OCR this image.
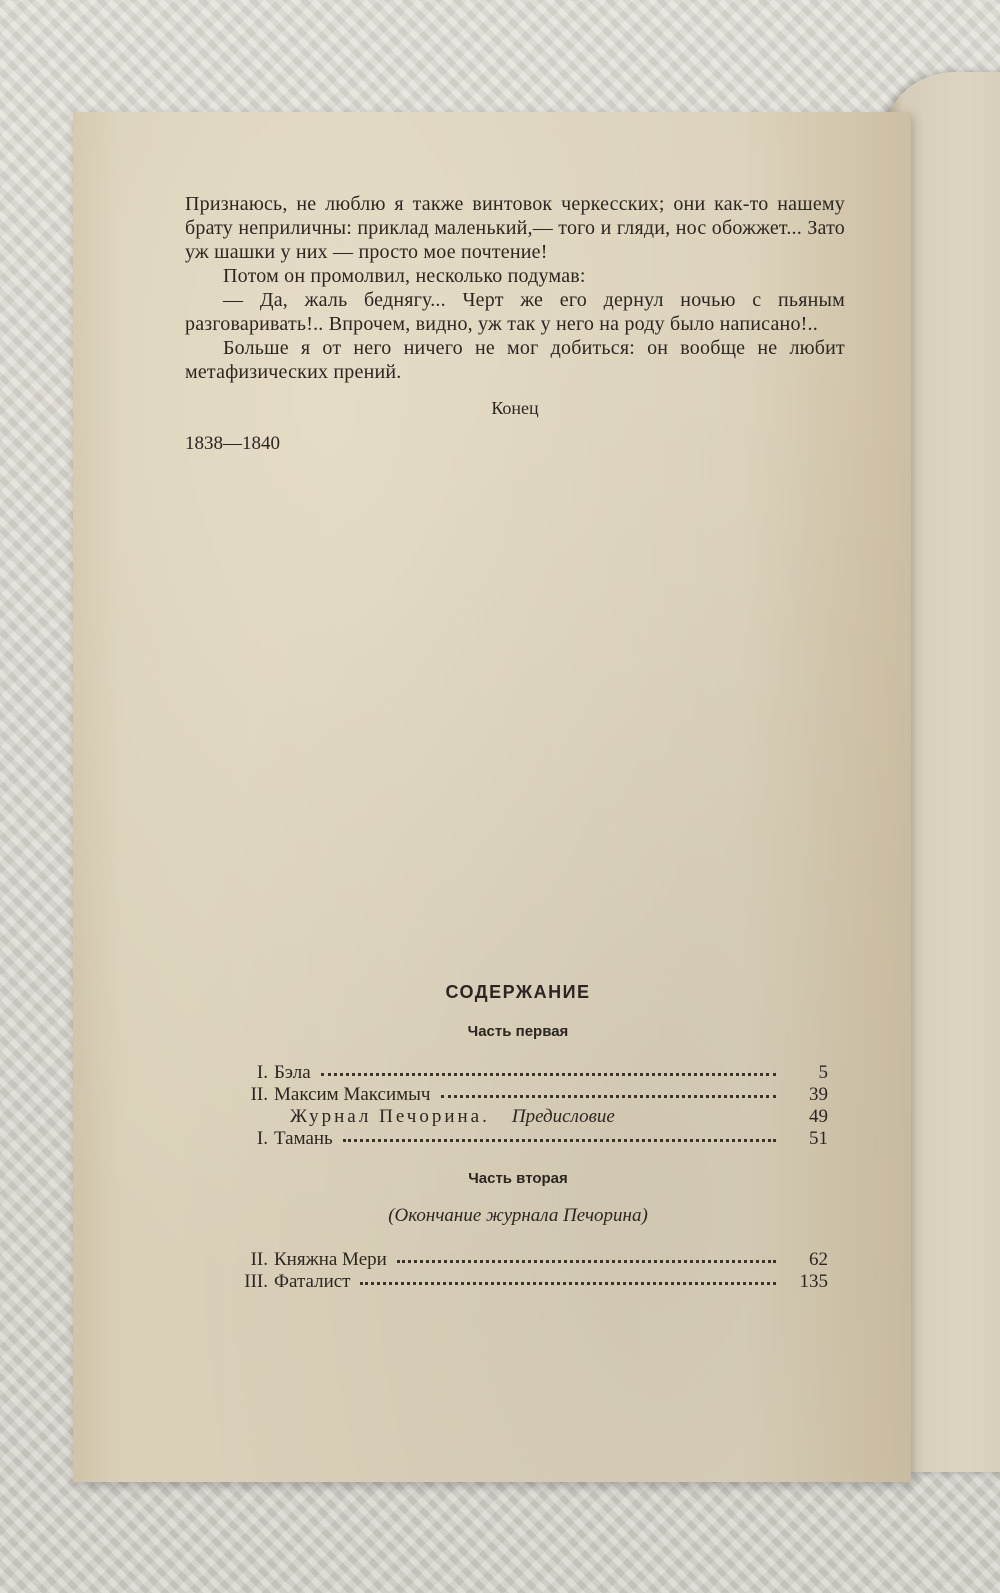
Признаюсь, не люблю я также винтовок черкесских; они как-то нашему брату неприличны: приклад маленький,— того и гляди, нос обожжет... Зато уж шашки у них — просто мое почтение!

Потом он промолвил, несколько подумав:

— Да, жаль беднягу... Черт же его дернул ночью с пьяным разговаривать!.. Впрочем, видно, уж так у него на роду было написано!..

Больше я от него ничего не мог добиться: он вообще не любит метафизических прений.

Конец
1838—1840
СОДЕРЖАНИЕ
Часть первая
I. Бэла	5
II. Максим Максимыч	39
Журнал Печорина. Предисловие	49
I. Тамань	51
Часть вторая
(Окончание журнала Печорина)
II. Княжна Мери	62
III. Фаталист	135
